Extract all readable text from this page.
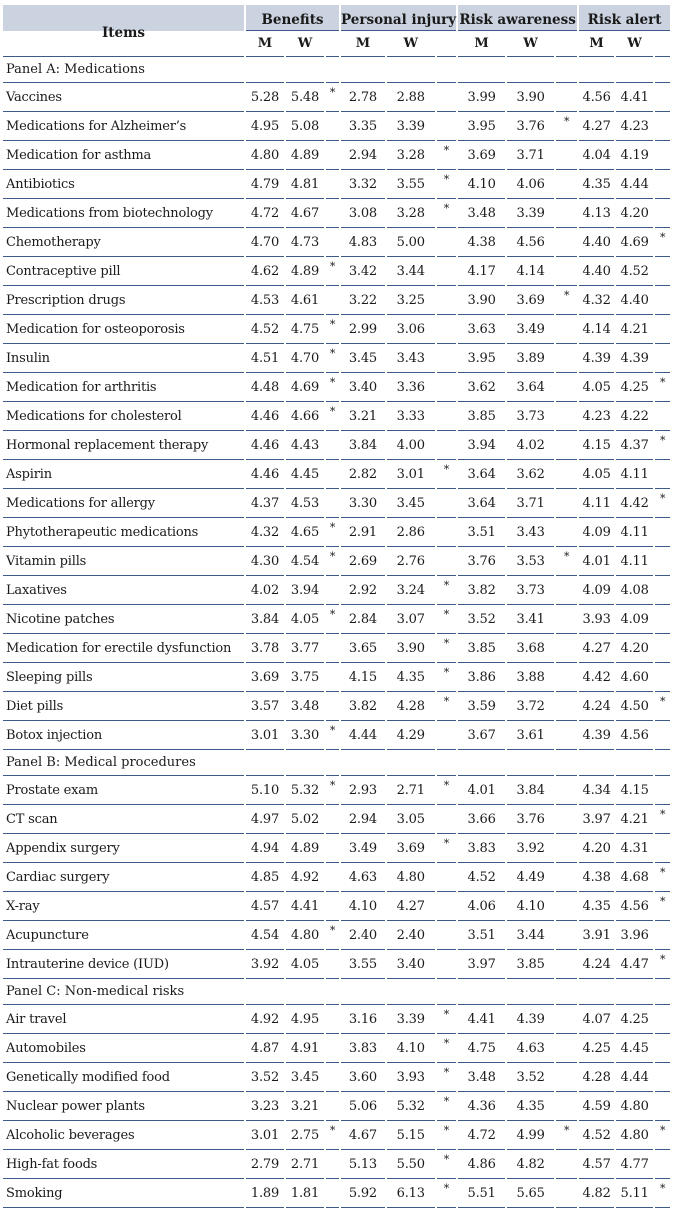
Items	Benefits			Personal injury			Risk awareness			Risk alert		
	M	W		M	W		M	W		M	W	
Panel A: Medications												
Vaccines	5.28	5.48	*	2.78	2.88		3.99	3.90		4.56	4.41	
Medications for Alzheimer’s	4.95	5.08		3.35	3.39		3.95	3.76	*	4.27	4.23	
Medication for asthma	4.80	4.89		2.94	3.28	*	3.69	3.71		4.04	4.19	
Antibiotics	4.79	4.81		3.32	3.55	*	4.10	4.06		4.35	4.44	
Medications from biotechnology	4.72	4.67		3.08	3.28	*	3.48	3.39		4.13	4.20	
Chemotherapy	4.70	4.73		4.83	5.00		4.38	4.56		4.40	4.69	*
Contraceptive pill	4.62	4.89	*	3.42	3.44		4.17	4.14		4.40	4.52	
Prescription drugs	4.53	4.61		3.22	3.25		3.90	3.69	*	4.32	4.40	
Medication for osteoporosis	4.52	4.75	*	2.99	3.06		3.63	3.49		4.14	4.21	
Insulin	4.51	4.70	*	3.45	3.43		3.95	3.89		4.39	4.39	
Medication for arthritis	4.48	4.69	*	3.40	3.36		3.62	3.64		4.05	4.25	*
Medications for cholesterol	4.46	4.66	*	3.21	3.33		3.85	3.73		4.23	4.22	
Hormonal replacement therapy	4.46	4.43		3.84	4.00		3.94	4.02		4.15	4.37	*
Aspirin	4.46	4.45		2.82	3.01	*	3.64	3.62		4.05	4.11	
Medications for allergy	4.37	4.53		3.30	3.45		3.64	3.71		4.11	4.42	*
Phytotherapeutic medications	4.32	4.65	*	2.91	2.86		3.51	3.43		4.09	4.11	
Vitamin pills	4.30	4.54	*	2.69	2.76		3.76	3.53	*	4.01	4.11	
Laxatives	4.02	3.94		2.92	3.24	*	3.82	3.73		4.09	4.08	
Nicotine patches	3.84	4.05	*	2.84	3.07	*	3.52	3.41		3.93	4.09	
Medication for erectile dysfunction	3.78	3.77		3.65	3.90	*	3.85	3.68		4.27	4.20	
Sleeping pills	3.69	3.75		4.15	4.35	*	3.86	3.88		4.42	4.60	
Diet pills	3.57	3.48		3.82	4.28	*	3.59	3.72		4.24	4.50	*
Botox injection	3.01	3.30	*	4.44	4.29		3.67	3.61		4.39	4.56	
Panel B: Medical procedures												
Prostate exam	5.10	5.32	*	2.93	2.71	*	4.01	3.84		4.34	4.15	
CT scan	4.97	5.02		2.94	3.05		3.66	3.76		3.97	4.21	*
Appendix surgery	4.94	4.89		3.49	3.69	*	3.83	3.92		4.20	4.31	
Cardiac surgery	4.85	4.92		4.63	4.80		4.52	4.49		4.38	4.68	*
X-ray	4.57	4.41		4.10	4.27		4.06	4.10		4.35	4.56	*
Acupuncture	4.54	4.80	*	2.40	2.40		3.51	3.44		3.91	3.96	
Intrauterine device (IUD)	3.92	4.05		3.55	3.40		3.97	3.85		4.24	4.47	*
Panel C: Non-medical risks												
Air travel	4.92	4.95		3.16	3.39	*	4.41	4.39		4.07	4.25	
Automobiles	4.87	4.91		3.83	4.10	*	4.75	4.63		4.25	4.45	
Genetically modified food	3.52	3.45		3.60	3.93	*	3.48	3.52		4.28	4.44	
Nuclear power plants	3.23	3.21		5.06	5.32	*	4.36	4.35		4.59	4.80	
Alcoholic beverages	3.01	2.75	*	4.67	5.15	*	4.72	4.99	*	4.52	4.80	*
High-fat foods	2.79	2.71		5.13	5.50	*	4.86	4.82		4.57	4.77	
Smoking	1.89	1.81		5.92	6.13	*	5.51	5.65		4.82	5.11	*
